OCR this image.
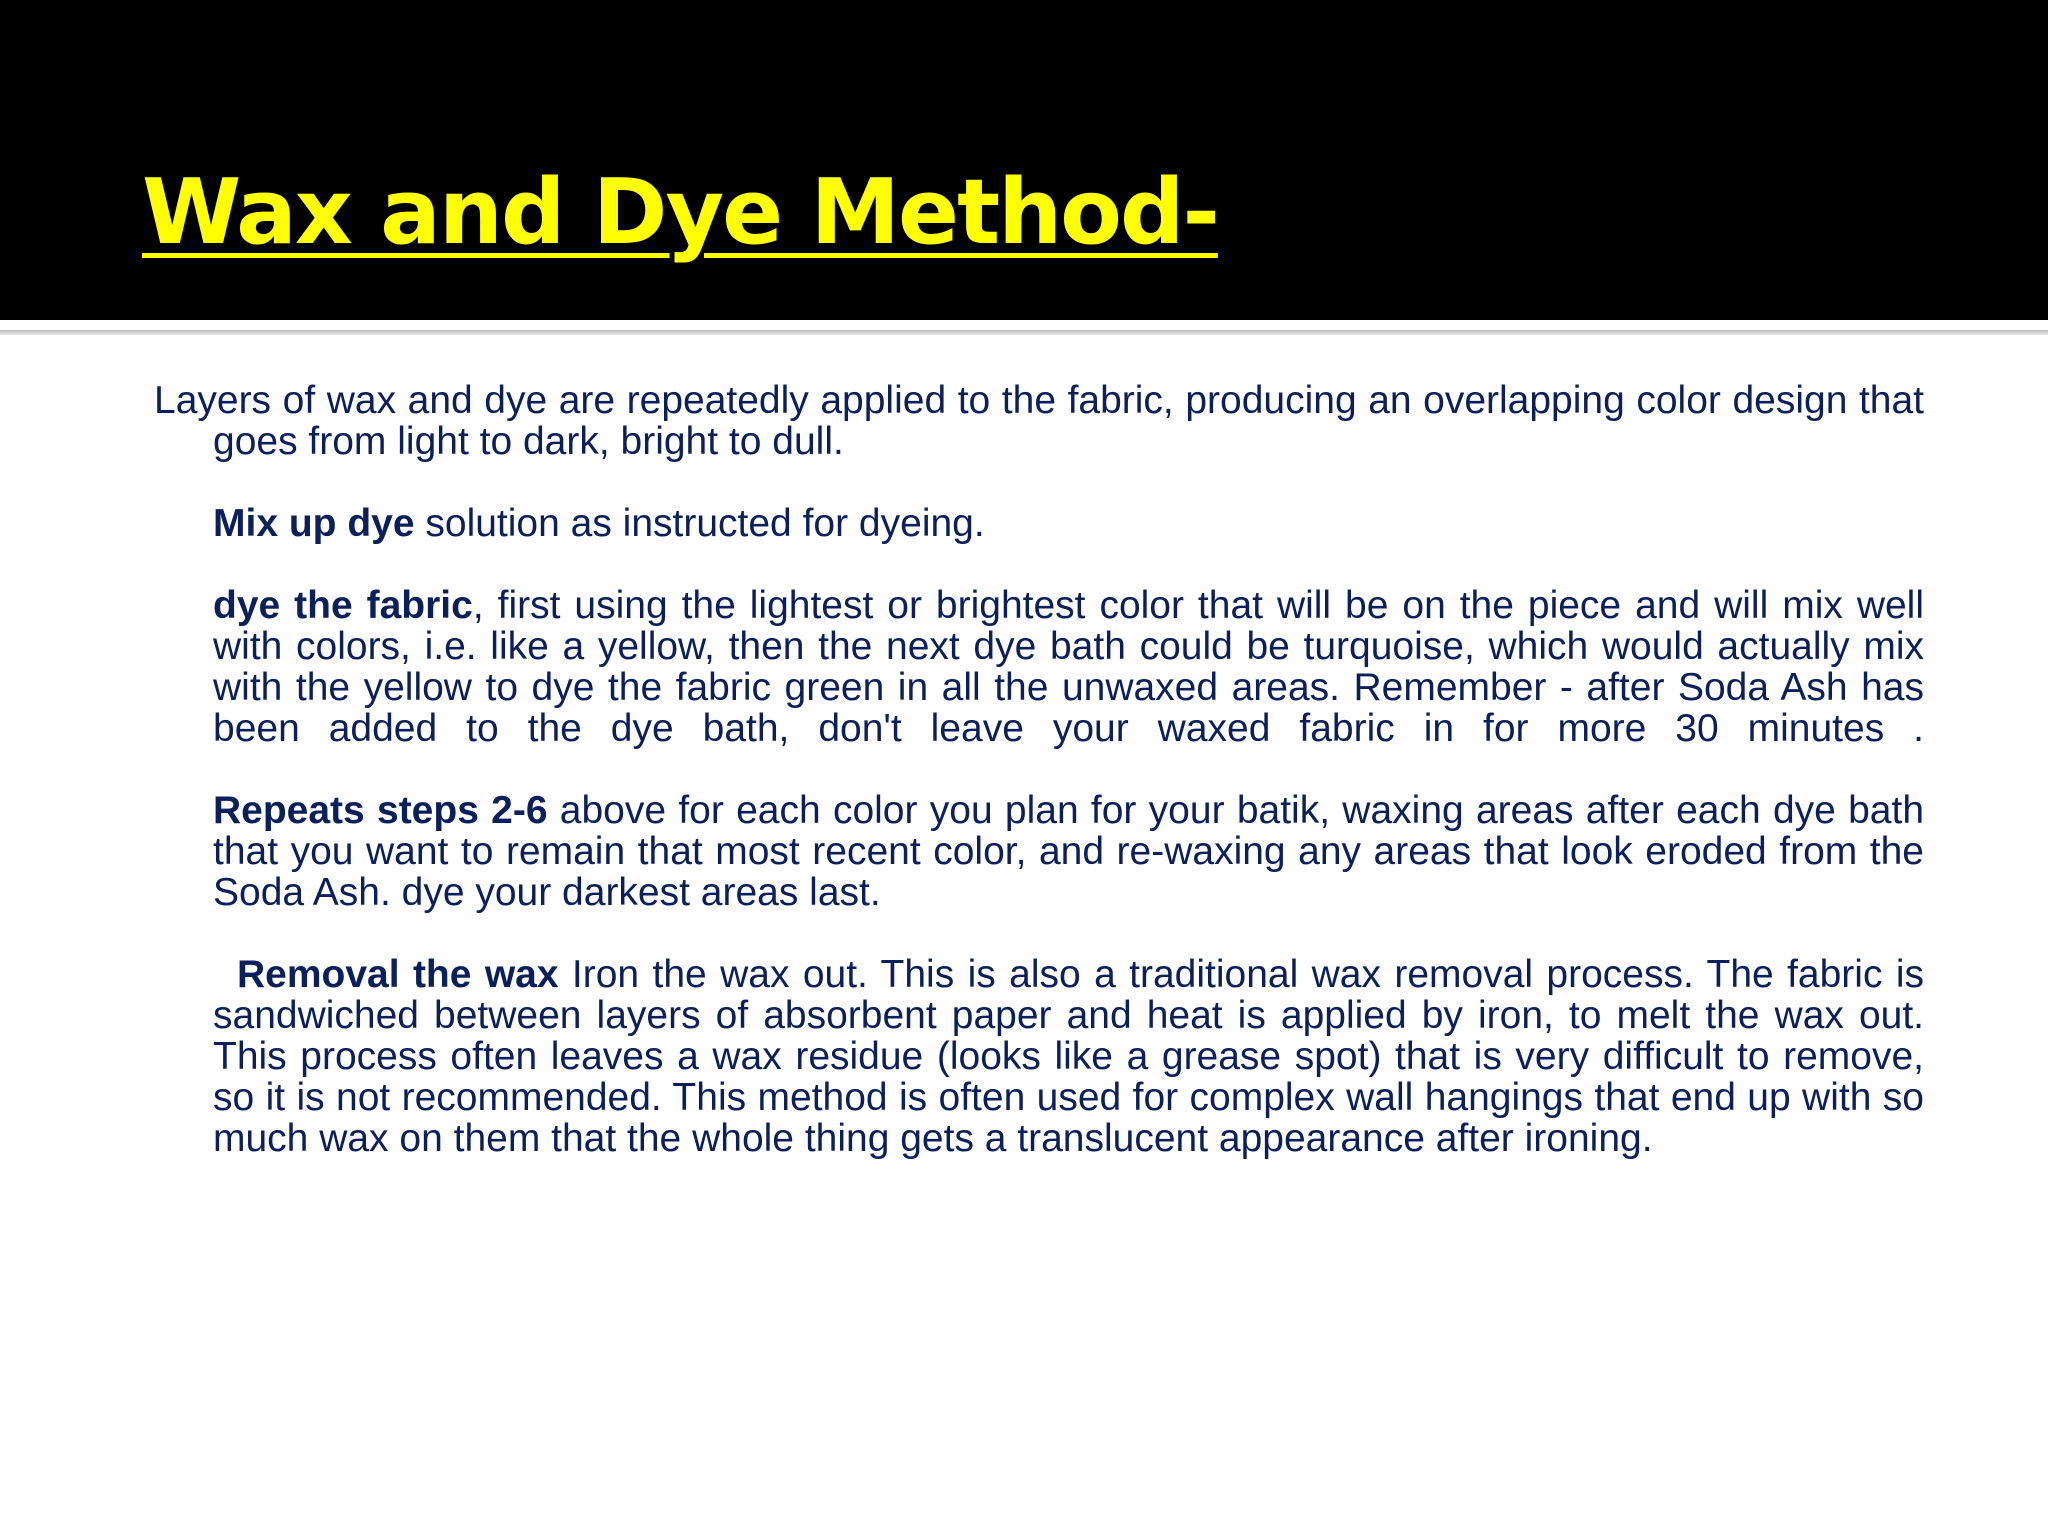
Wax and Dye Method-

Layers of wax and dye are repeatedly applied to the fabric, producing an overlapping color design that goes from light to dark, bright to dull.

Mix up dye solution as instructed for dyeing.

dye the fabric, first using the lightest or brightest color that will be on the piece and will mix well with colors, i.e. like a yellow, then the next dye bath could be turquoise, which would actually mix with the yellow to dye the fabric green in all the unwaxed areas. Remember - after Soda Ash has been added to the dye bath, don't leave your waxed fabric in for more 30 minutes .

Repeats steps 2-6 above for each color you plan for your batik, waxing areas after each dye bath that you want to remain that most recent color, and re-waxing any areas that look eroded from the Soda Ash. dye your darkest areas last.

Removal the wax Iron the wax out. This is also a traditional wax removal process. The fabric is sandwiched between layers of absorbent paper and heat is applied by iron, to melt the wax out. This process often leaves a wax residue (looks like a grease spot) that is very difficult to remove, so it is not recommended. This method is often used for complex wall hangings that end up with so much wax on them that the whole thing gets a translucent appearance after ironing.
